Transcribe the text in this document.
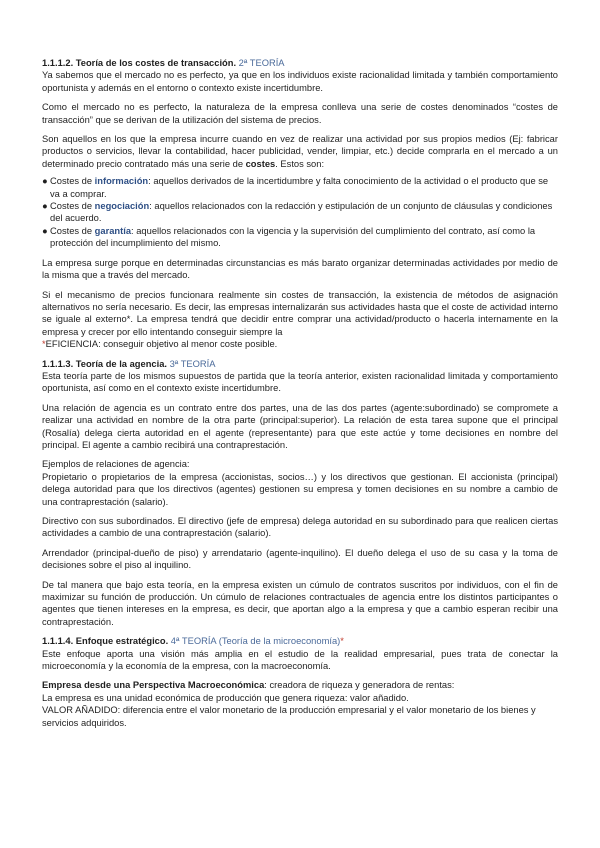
1.1.1.2. Teoría de los costes de transacción. 2ª TEORÍA

Ya sabemos que el mercado no es perfecto, ya que en los individuos existe racionalidad limitada y también comportamiento oportunista y además en el entorno o contexto existe incertidumbre.

Como el mercado no es perfecto, la naturaleza de la empresa conlleva una serie de costes denominados “costes de transacción” que se derivan de la utilización del sistema de precios.

Son aquellos en los que la empresa incurre cuando en vez de realizar una actividad por sus propios medios (Ej: fabricar productos o servicios, llevar la contabilidad, hacer publicidad, vender, limpiar, etc.) decide comprarla en el mercado a un determinado precio contratado más una serie de costes. Estos son:

● Costes de información: aquellos derivados de la incertidumbre y falta conocimiento de la actividad o el producto que se va a comprar.
● Costes de negociación: aquellos relacionados con la redacción y estipulación de un conjunto de cláusulas y condiciones del acuerdo.
● Costes de garantía: aquellos relacionados con la vigencia y la supervisión del cumplimiento del contrato, así como la protección del incumplimiento del mismo.

La empresa surge porque en determinadas circunstancias es más barato organizar determinadas actividades por medio de la misma que a través del mercado.

Si el mecanismo de precios funcionara realmente sin costes de transacción, la existencia de métodos de asignación alternativos no sería necesario. Es decir, las empresas internalizarán sus actividades hasta que el coste de actividad interno se iguale al externo*. La empresa tendrá que decidir entre comprar una actividad/producto o hacerla internamente en la empresa y crecer por ello intentando conseguir siempre la

*EFICIENCIA: conseguir objetivo al menor coste posible.

1.1.1.3. Teoría de la agencia. 3ª TEORÍA

Esta teoría parte de los mismos supuestos de partida que la teoría anterior, existen racionalidad limitada y comportamiento oportunista, así como en el contexto existe incertidumbre.

Una relación de agencia es un contrato entre dos partes, una de las dos partes (agente:subordinado) se compromete a realizar una actividad en nombre de la otra parte (principal:superior). La relación de esta tarea supone que el principal (Rosalía) delega cierta autoridad en el agente (representante) para que este actúe y tome decisiones en nombre del principal. El agente a cambio recibirá una contraprestación.

Ejemplos de relaciones de agencia:

Propietario o propietarios de la empresa (accionistas, socios…) y los directivos que gestionan. El accionista (principal) delega autoridad para que los directivos (agentes) gestionen su empresa y tomen decisiones en su nombre a cambio de una contraprestación (salario).

Directivo con sus subordinados. El directivo (jefe de empresa) delega autoridad en su subordinado para que realicen ciertas actividades a cambio de una contraprestación (salario).

Arrendador (principal-dueño de piso) y arrendatario (agente-inquilino). El dueño delega el uso de su casa y la toma de decisiones sobre el piso al inquilino.

De tal manera que bajo esta teoría, en la empresa existen un cúmulo de contratos suscritos por individuos, con el fin de maximizar su función de producción. Un cúmulo de relaciones contractuales de agencia entre los distintos participantes o agentes que tienen intereses en la empresa, es decir, que aportan algo a la empresa y que a cambio esperan recibir una contraprestación.

1.1.1.4. Enfoque estratégico. 4ª TEORÍA (Teoría de la microeconomía)*

Este enfoque aporta una visión más amplia en el estudio de la realidad empresarial, pues trata de conectar la microeconomía y la economía de la empresa, con la macroeconomía.

Empresa desde una Perspectiva Macroeconómica: creadora de riqueza y generadora de rentas:

La empresa es una unidad económica de producción que genera riqueza: valor añadido.

VALOR AÑADIDO: diferencia entre el valor monetario de la producción empresarial y el valor monetario de los bienes y servicios adquiridos.
